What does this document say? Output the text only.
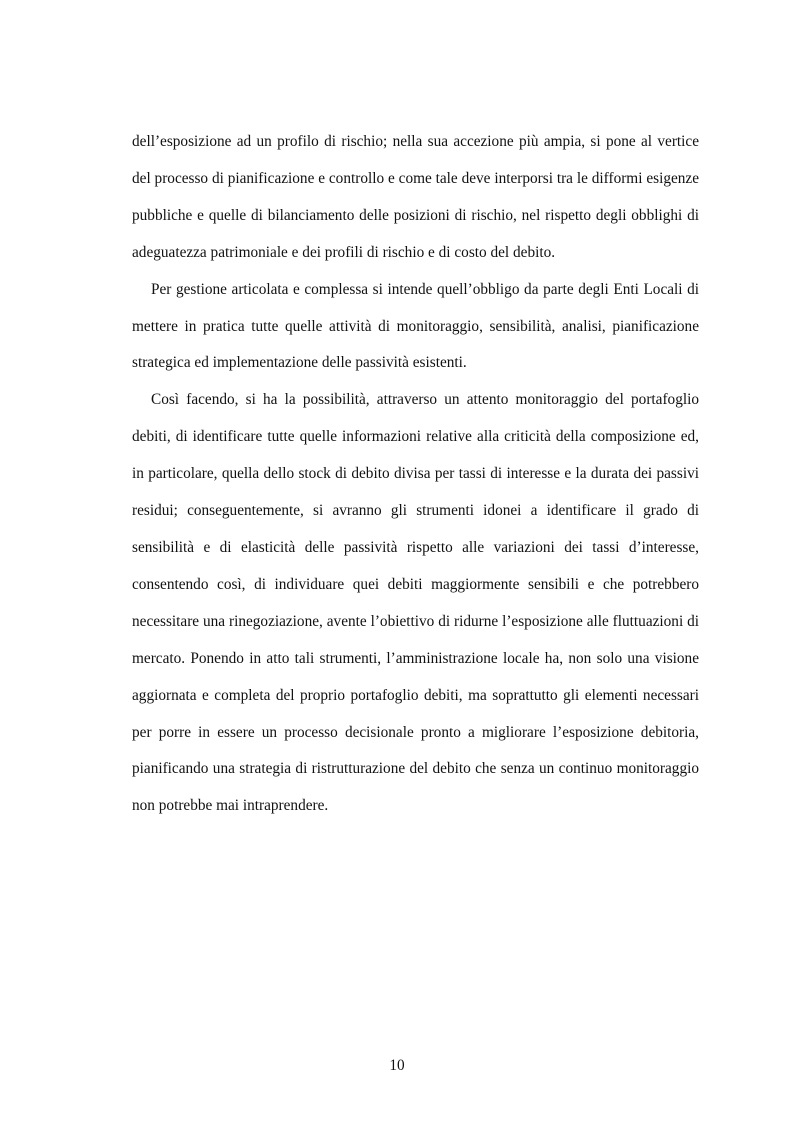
dell’esposizione ad un profilo di rischio; nella sua accezione più ampia, si pone al vertice del processo di pianificazione e controllo e come tale deve interporsi tra le difformi esigenze pubbliche e quelle di bilanciamento delle posizioni di rischio, nel rispetto degli obblighi di adeguatezza patrimoniale e dei profili di rischio e di costo del debito.

Per gestione articolata e complessa si intende quell’obbligo da parte degli Enti Locali di mettere in pratica tutte quelle attività di monitoraggio, sensibilità, analisi, pianificazione strategica ed implementazione delle passività esistenti.

Così facendo, si ha la possibilità, attraverso un attento monitoraggio del portafoglio debiti, di identificare tutte quelle informazioni relative alla criticità della composizione ed, in particolare, quella dello stock di debito divisa per tassi di interesse e la durata dei passivi residui; conseguentemente, si avranno gli strumenti idonei a identificare il grado di sensibilità e di elasticità delle passività rispetto alle variazioni dei tassi d’interesse, consentendo così, di individuare quei debiti maggiormente sensibili e che potrebbero necessitare una rinegoziazione, avente l’obiettivo di ridurne l’esposizione alle fluttuazioni di mercato. Ponendo in atto tali strumenti, l’amministrazione locale ha, non solo una visione aggiornata e completa del proprio portafoglio debiti, ma soprattutto gli elementi necessari per porre in essere un processo decisionale pronto a migliorare l’esposizione debitoria, pianificando una strategia di ristrutturazione del debito che senza un continuo monitoraggio non potrebbe mai intraprendere.

10
